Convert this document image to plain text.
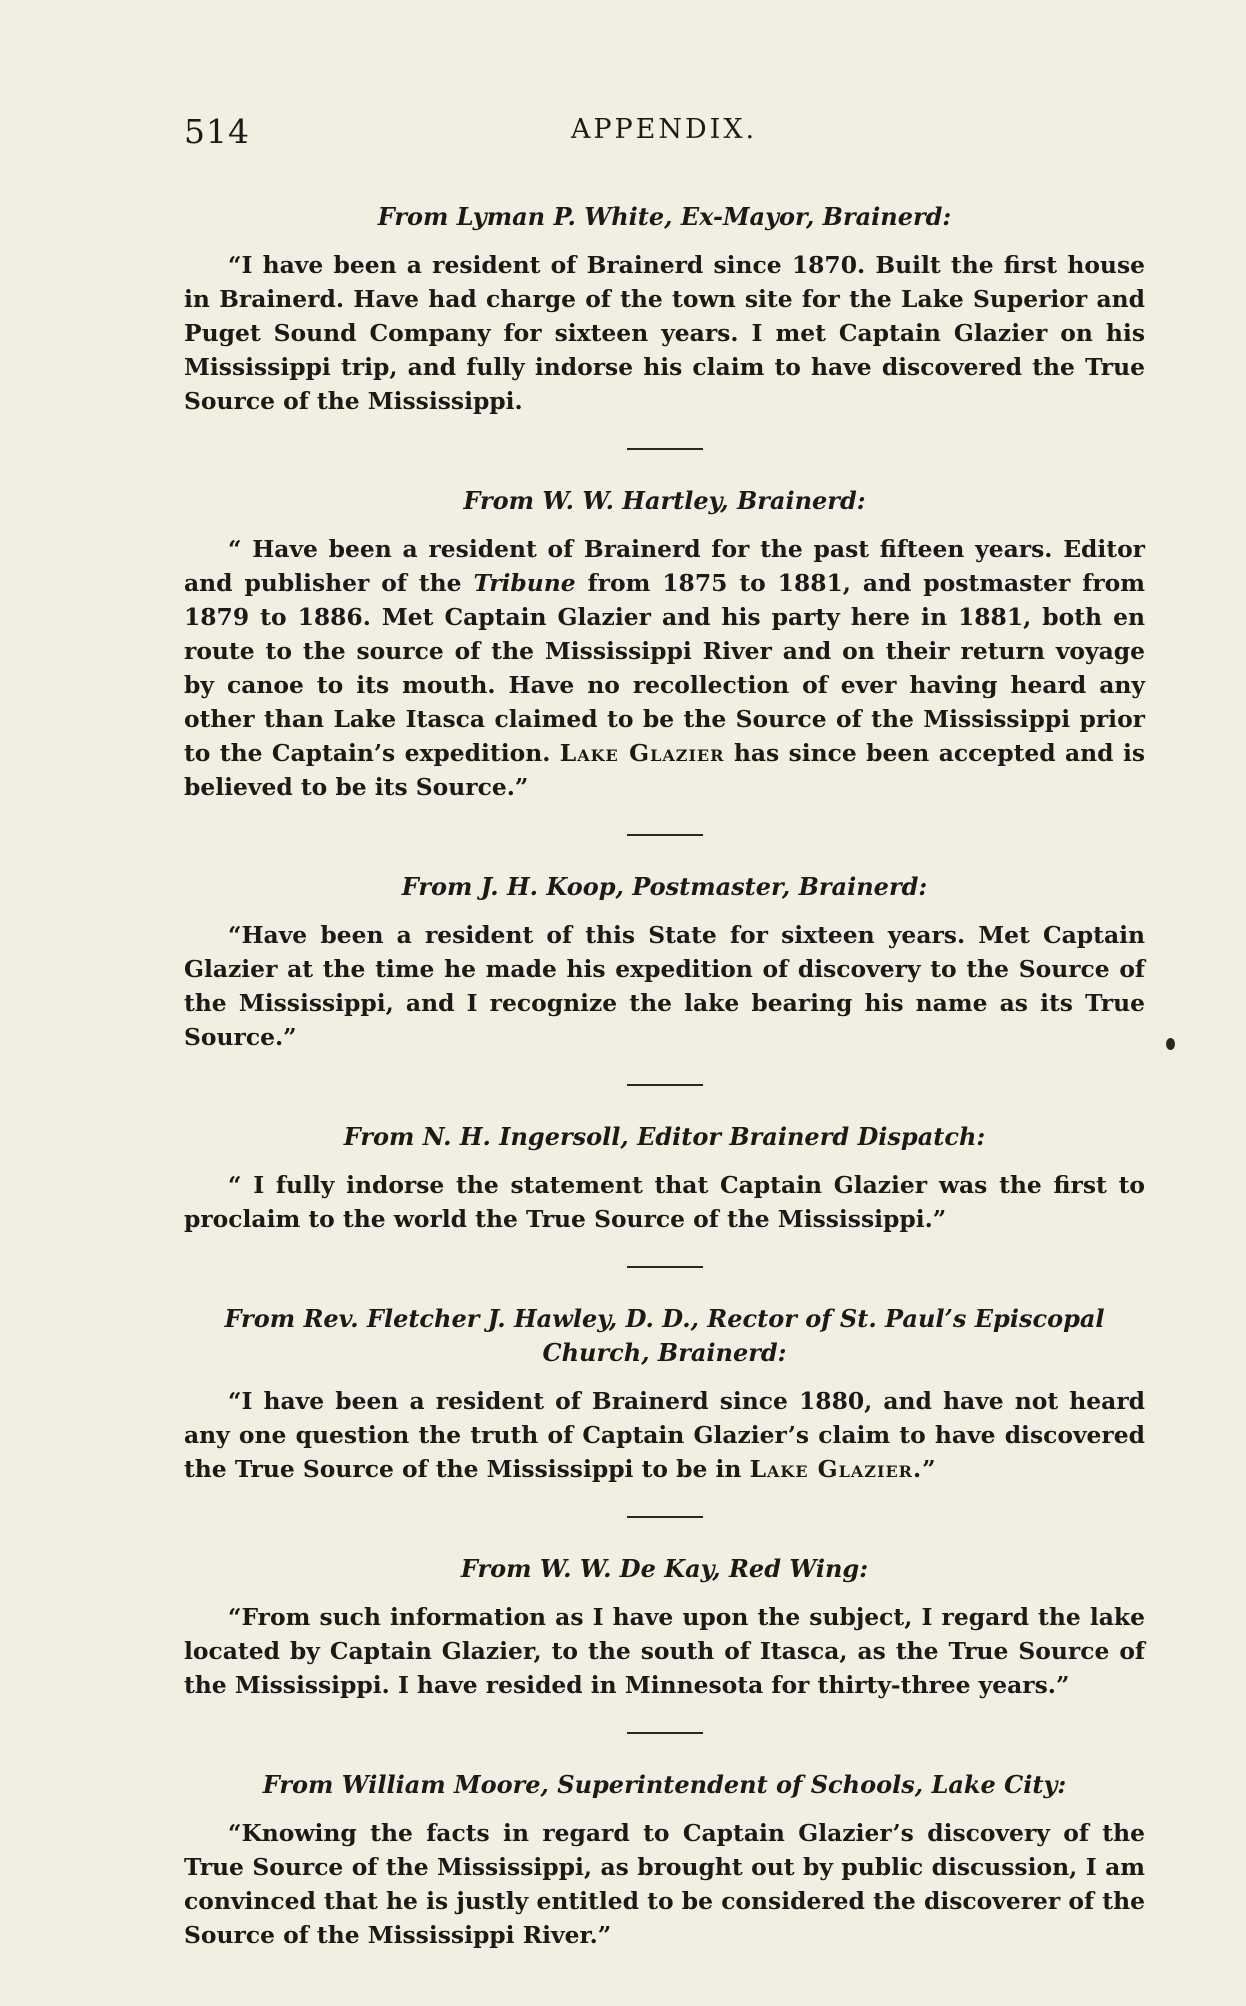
514	APPENDIX.

From Lyman P. White, Ex-Mayor, Brainerd:

“I have been a resident of Brainerd since 1870. Built the first house in Brainerd. Have had charge of the town site for the Lake Superior and Puget Sound Company for sixteen years. I met Captain Glazier on his Mississippi trip, and fully indorse his claim to have discovered the True Source of the Mississippi.

From W. W. Hartley, Brainerd:

“ Have been a resident of Brainerd for the past fifteen years. Editor and publisher of the Tribune from 1875 to 1881, and postmaster from 1879 to 1886. Met Captain Glazier and his party here in 1881, both en route to the source of the Mississippi River and on their return voyage by canoe to its mouth. Have no recollection of ever having heard any other than Lake Itasca claimed to be the Source of the Mississippi prior to the Captain’s expedition. Lake Glazier has since been accepted and is believed to be its Source.”

From J. H. Koop, Postmaster, Brainerd:

“Have been a resident of this State for sixteen years. Met Captain Glazier at the time he made his expedition of discovery to the Source of the Mississippi, and I recognize the lake bearing his name as its True Source.”

From N. H. Ingersoll, Editor Brainerd Dispatch:

“ I fully indorse the statement that Captain Glazier was the first to proclaim to the world the True Source of the Mississippi.”

From Rev. Fletcher J. Hawley, D. D., Rector of St. Paul’s Episcopal Church, Brainerd:

“I have been a resident of Brainerd since 1880, and have not heard any one question the truth of Captain Glazier’s claim to have discovered the True Source of the Mississippi to be in Lake Glazier.”

From W. W. De Kay, Red Wing:

“From such information as I have upon the subject, I regard the lake located by Captain Glazier, to the south of Itasca, as the True Source of the Mississippi. I have resided in Minnesota for thirty-three years.”

From William Moore, Superintendent of Schools, Lake City:

“Knowing the facts in regard to Captain Glazier’s discovery of the True Source of the Mississippi, as brought out by public discussion, I am convinced that he is justly entitled to be considered the discoverer of the Source of the Mississippi River.”
